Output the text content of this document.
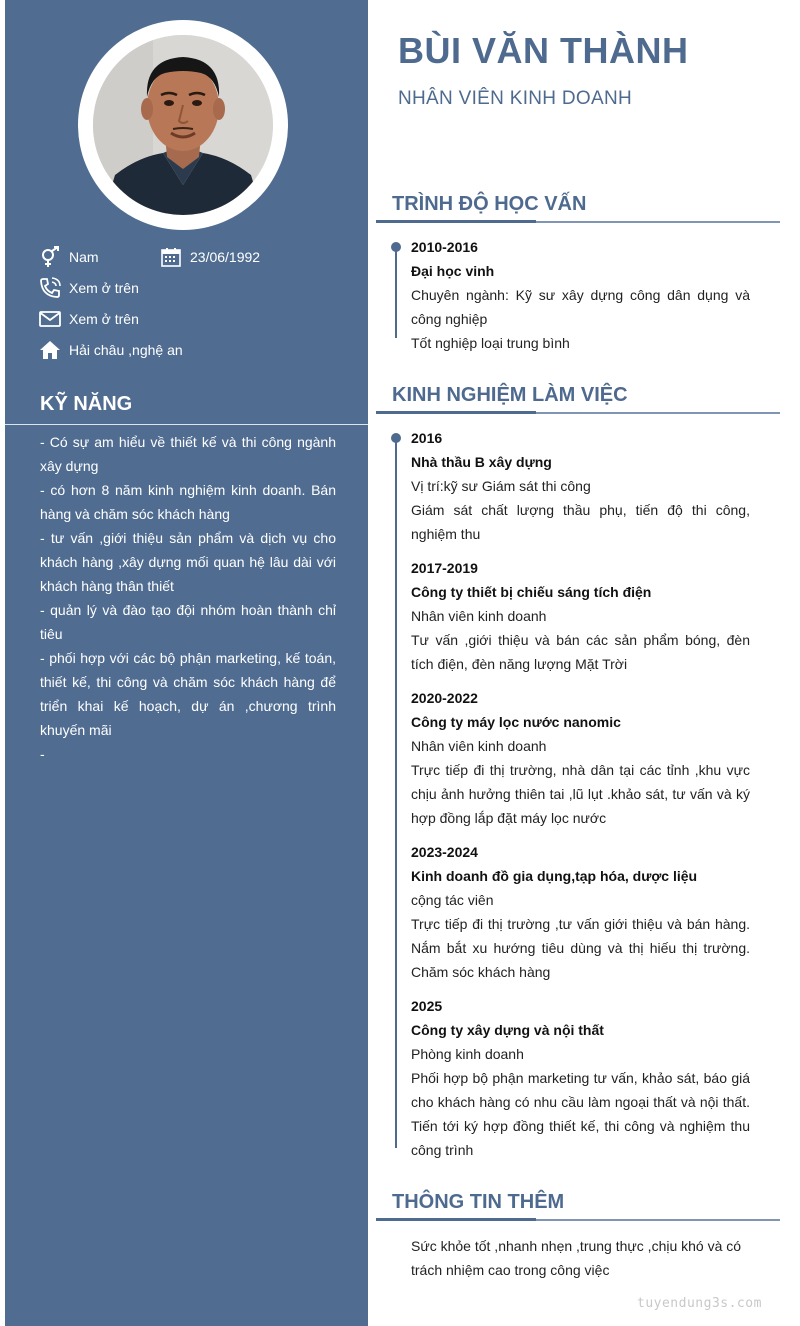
Nam	23/06/1992
Xem ở trên
Xem ở trên
Hải châu ,nghệ an
KỸ NĂNG
- Có sự am hiểu về thiết kế và thi công ngành xây dựng
- có hơn 8 năm kinh nghiệm kinh doanh. Bán hàng và chăm sóc khách hàng
- tư vấn ,giới thiệu sản phẩm và dịch vụ cho khách hàng ,xây dựng mối quan hệ lâu dài với khách hàng thân thiết
- quản lý và đào tạo đội nhóm hoàn thành chỉ tiêu
- phối hợp với các bộ phận marketing, kế toán, thiết kế, thi công và chăm sóc khách hàng để triển khai kế hoạch, dự án ,chương trình khuyến mãi
-
BÙI VĂN THÀNH
NHÂN VIÊN KINH DOANH
TRÌNH ĐỘ HỌC VẤN
2010-2016
Đại học vinh
Chuyên ngành: Kỹ sư xây dựng công dân dụng và công nghiệp
Tốt nghiệp loại trung bình
KINH NGHIỆM LÀM VIỆC
2016
Nhà thầu B xây dựng
Vị trí:kỹ sư Giám sát thi công
Giám sát chất lượng thầu phụ, tiến độ thi công, nghiệm thu
2017-2019
Công ty thiết bị chiếu sáng tích điện
Nhân viên kinh doanh
Tư vấn ,giới thiệu và bán các sản phẩm bóng, đèn tích điện, đèn năng lượng Mặt Trời
2020-2022
Công ty máy lọc nước nanomic
Nhân viên kinh doanh
Trực tiếp đi thị trường, nhà dân tại các tỉnh ,khu vực chịu ảnh hưởng thiên tai ,lũ lụt .khảo sát, tư vấn và ký hợp đồng lắp đặt máy lọc nước
2023-2024
Kinh doanh đồ gia dụng,tạp hóa, dược liệu
cộng tác viên
Trực tiếp đi thị trường ,tư vấn giới thiệu và bán hàng. Nắm bắt xu hướng tiêu dùng và thị hiếu thị trường. Chăm sóc khách hàng
2025
Công ty xây dựng và nội thất
Phòng kinh doanh
Phối hợp bộ phận marketing tư vấn, khảo sát, báo giá cho khách hàng có nhu cầu làm ngoại thất và nội thất. Tiến tới ký hợp đồng thiết kế, thi công và nghiệm thu công trình
THÔNG TIN THÊM
Sức khỏe tốt ,nhanh nhẹn ,trung thực ,chịu khó và có trách nhiệm cao trong công việc
tuyendung3s.com
